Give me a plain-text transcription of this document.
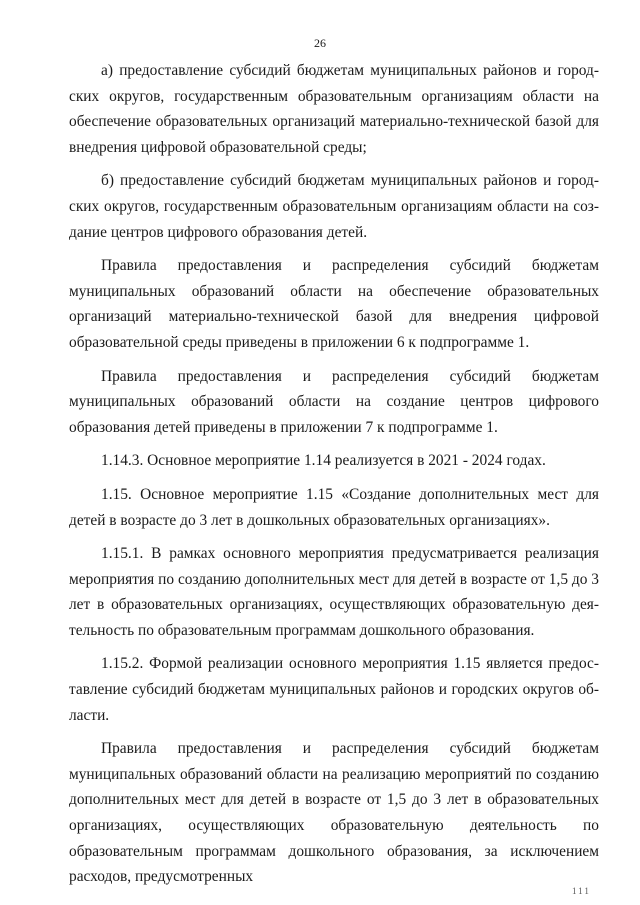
26

а) предоставление субсидий бюджетам муниципальных районов и городских округов, государственным образовательным организациям области на обеспечение образовательных организаций материально-технической базой для внедрения цифровой образовательной среды;

б) предоставление субсидий бюджетам муниципальных районов и городских округов, государственным образовательным организациям области на создание центров цифрового образования детей.

Правила предоставления и распределения субсидий бюджетам муниципальных образований области на обеспечение образовательных организаций материально-технической базой для внедрения цифровой образовательной среды приведены в приложении 6 к подпрограмме 1.

Правила предоставления и распределения субсидий бюджетам муниципальных образований области на создание центров цифрового образования детей приведены в приложении 7 к подпрограмме 1.

1.14.3. Основное мероприятие 1.14 реализуется в 2021 - 2024 годах.

1.15. Основное мероприятие 1.15 «Создание дополнительных мест для детей в возрасте до 3 лет в дошкольных образовательных организациях».

1.15.1. В рамках основного мероприятия предусматривается реализация мероприятия по созданию дополнительных мест для детей в возрасте от 1,5 до 3 лет в образовательных организациях, осуществляющих образовательную деятельность по образовательным программам дошкольного образования.

1.15.2. Формой реализации основного мероприятия 1.15 является предоставление субсидий бюджетам муниципальных районов и городских округов области.

Правила предоставления и распределения субсидий бюджетам муниципальных образований области на реализацию мероприятий по созданию дополнительных мест для детей в возрасте от 1,5 до 3 лет в образовательных организациях, осуществляющих образовательную деятельность по образовательным программам дошкольного образования, за исключением расходов, предусмотренных

111
